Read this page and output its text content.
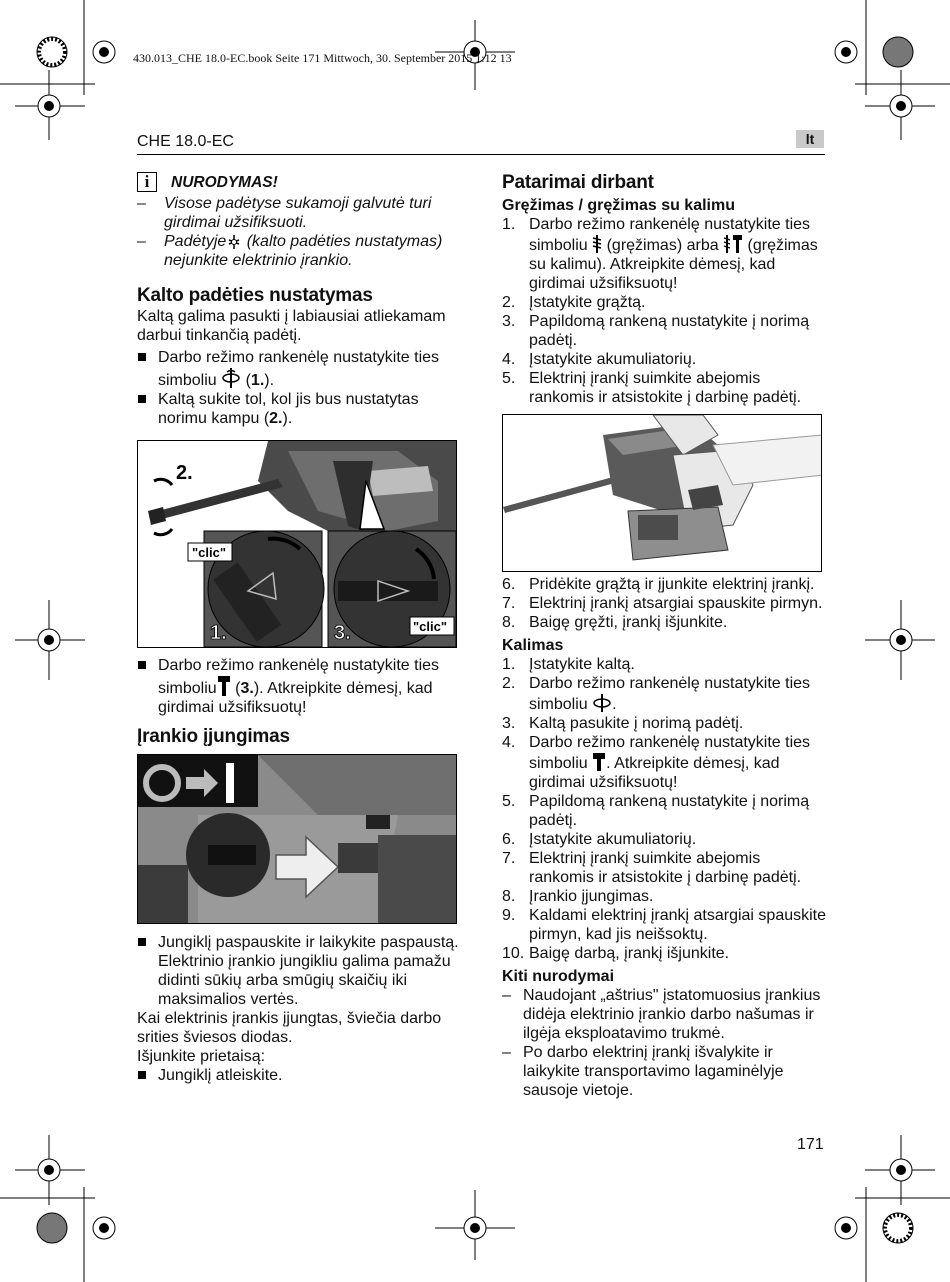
430.013_CHE 18.0-EC.book Seite 171 Mittwoch, 30. September 2015 1:12 13
CHE 18.0-EC	lt
i	NURODYMAS!
– Visose padėtyse sukamoji galvutė turi girdimai užsifiksuoti.
– Padėtyje (kalto padėties nustatymas) nejunkite elektrinio įrankio.
Kalto padėties nustatymas

Kaltą galima pasukti į labiausiai atliekamam darbui tinkančią padėtį.

Darbo režimo rankenėlę nustatykite ties simboliu  (1.).
Kaltą sukite tol, kol jis bus nustatytas norimu kampu (2.).
2.
"clic"
"clic"
1.	3.
Darbo režimo rankenėlę nustatykite ties simboliu (3.). Atkreipkite dėmesį, kad girdimai užsifiksuotų!
Įrankio įjungimas
Jungiklį paspauskite ir laikykite paspaustą.
Elektrinio įrankio jungikliu galima pamažu didinti sūkių arba smūgių skaičių iki maksimalios vertės.

Kai elektrinis įrankis įjungtas, šviečia darbo srities šviesos diodas.

Išjunkite prietaisą:

Jungiklį atleiskite.
Patarimai dirbant
Gręžimas / gręžimas su kalimu
1. Darbo režimo rankenėlę nustatykite ties simboliu  (gręžimas) arba  (gręžimas su kalimu). Atkreipkite dėmesį, kad girdimai užsifiksuotų!
2. Įstatykite grąžtą.
3. Papildomą rankeną nustatykite į norimą padėtį.
4. Įstatykite akumuliatorių.
5. Elektrinį įrankį suimkite abejomis rankomis ir atsistokite į darbinę padėtį.
6. Pridėkite grąžtą ir įjunkite elektrinį įrankį.
7. Elektrinį įrankį atsargiai spauskite pirmyn.
8. Baigę gręžti, įrankį išjunkite.
Kalimas
1. Įstatykite kaltą.
2. Darbo režimo rankenėlę nustatykite ties simboliu .
3. Kaltą pasukite į norimą padėtį.
4. Darbo režimo rankenėlę nustatykite ties simboliu . Atkreipkite dėmesį, kad girdimai užsifiksuotų!
5. Papildomą rankeną nustatykite į norimą padėtį.
6. Įstatykite akumuliatorių.
7. Elektrinį įrankį suimkite abejomis rankomis ir atsistokite į darbinę padėtį.
8. Įrankio įjungimas.
9. Kaldami elektrinį įrankį atsargiai spauskite pirmyn, kad jis neišsoktų.
10. Baigę darbą, įrankį išjunkite.
Kiti nurodymai
– Naudojant „aštrius" įstatomuosius įrankius didėja elektrinio įrankio darbo našumas ir ilgėja eksploatavimo trukmė.
– Po darbo elektrinį įrankį išvalykite ir laikykite transportavimo lagaminėlyje sausoje vietoje.
171
